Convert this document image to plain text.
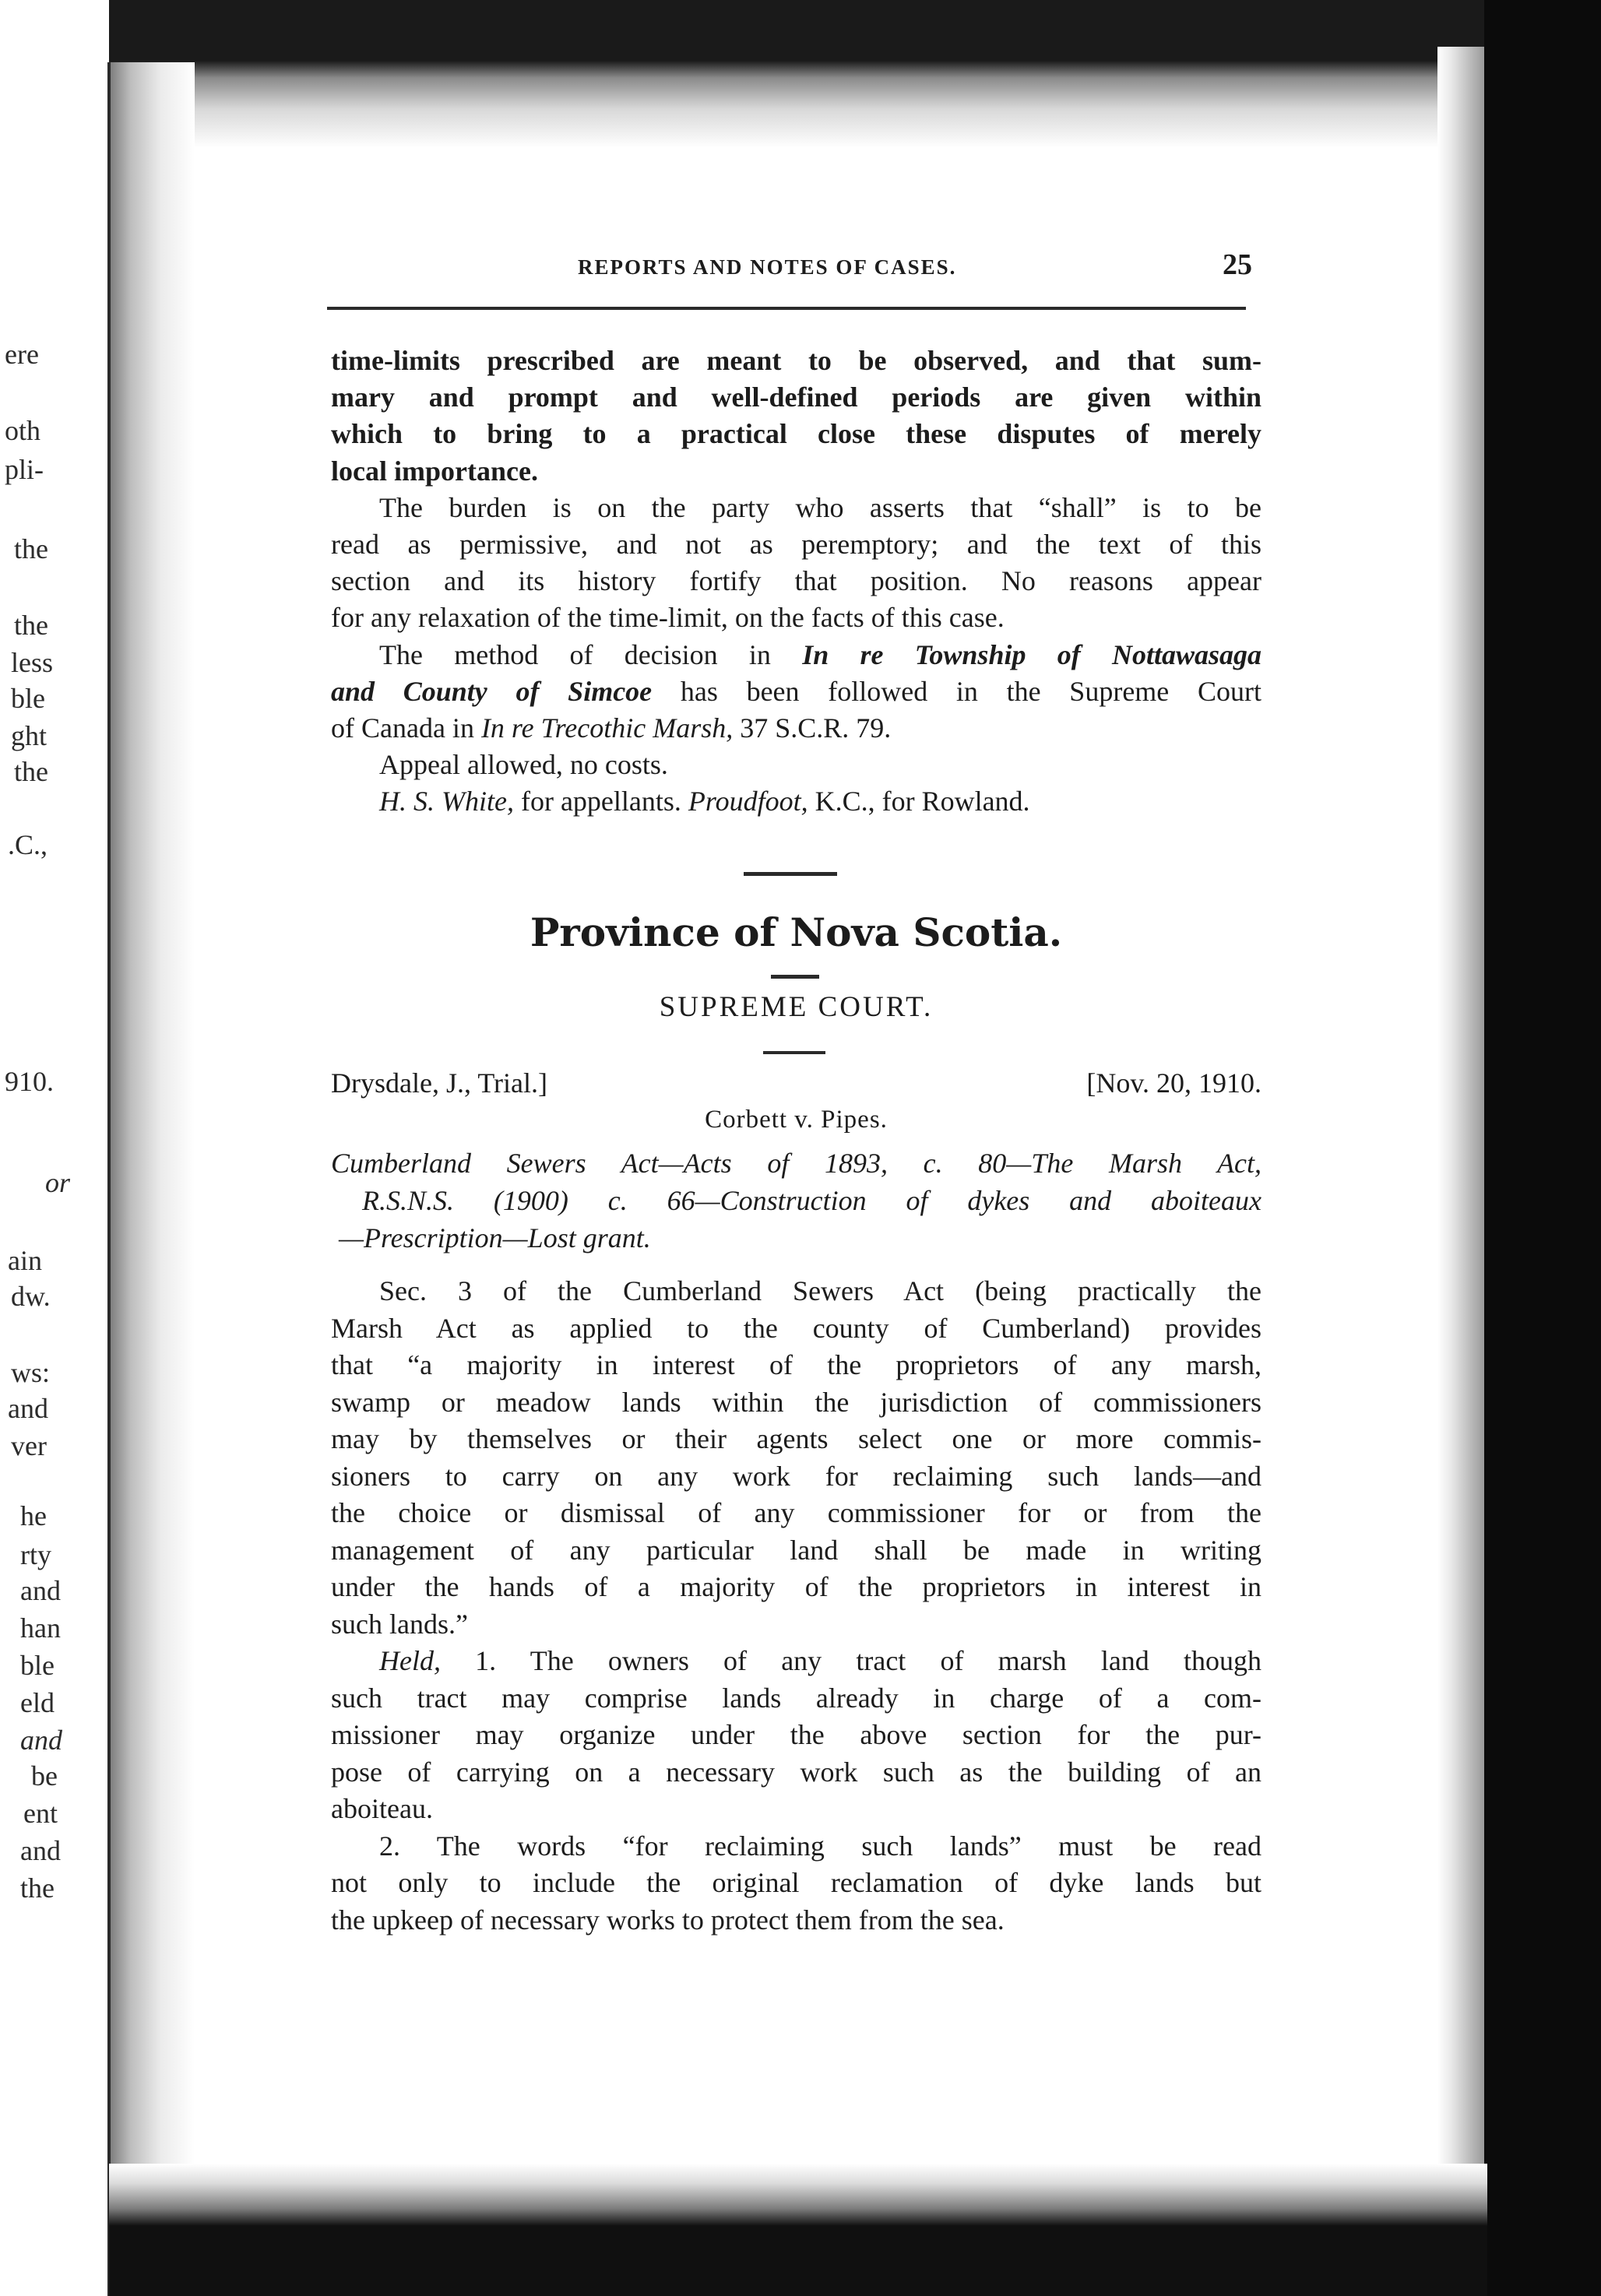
ere
oth
pli-
the
the
less
ble
ght
the
.C.,
910.
or
ain
dw.
ws:
and
ver
he
rty
and
han
ble
eld
and
be
ent
and
the
REPORTS AND NOTES OF CASES.	25
time-limits prescribed are meant to be observed, and that sum-
mary and prompt and well-defined periods are given within
which to bring to a practical close these disputes of merely
local importance.
The burden is on the party who asserts that “shall” is to be
read as permissive, and not as peremptory; and the text of this
section and its history fortify that position. No reasons appear
for any relaxation of the time-limit, on the facts of this case.
The method of decision in In re Township of Nottawasaga
and County of Simcoe has been followed in the Supreme Court
of Canada in In re Trecothic Marsh, 37 S.C.R. 79.
Appeal allowed, no costs.
H. S. White, for appellants. Proudfoot, K.C., for Rowland.
Province of Nova Scotia.
SUPREME COURT.
Drysdale, J., Trial.]	[Nov. 20, 1910.
Corbett v. Pipes.
Cumberland Sewers Act—Acts of 1893, c. 80—The Marsh Act,
R.S.N.S. (1900) c. 66—Construction of dykes and aboiteaux
—Prescription—Lost grant.
Sec. 3 of the Cumberland Sewers Act (being practically the
Marsh Act as applied to the county of Cumberland) provides
that “a majority in interest of the proprietors of any marsh,
swamp or meadow lands within the jurisdiction of commissioners
may by themselves or their agents select one or more commis-
sioners to carry on any work for reclaiming such lands—and
the choice or dismissal of any commissioner for or from the
management of any particular land shall be made in writing
under the hands of a majority of the proprietors in interest in
such lands.”
Held, 1. The owners of any tract of marsh land though
such tract may comprise lands already in charge of a com-
missioner may organize under the above section for the pur-
pose of carrying on a necessary work such as the building of an
aboiteau.
2. The words “for reclaiming such lands” must be read
not only to include the original reclamation of dyke lands but
the upkeep of necessary works to protect them from the sea.
